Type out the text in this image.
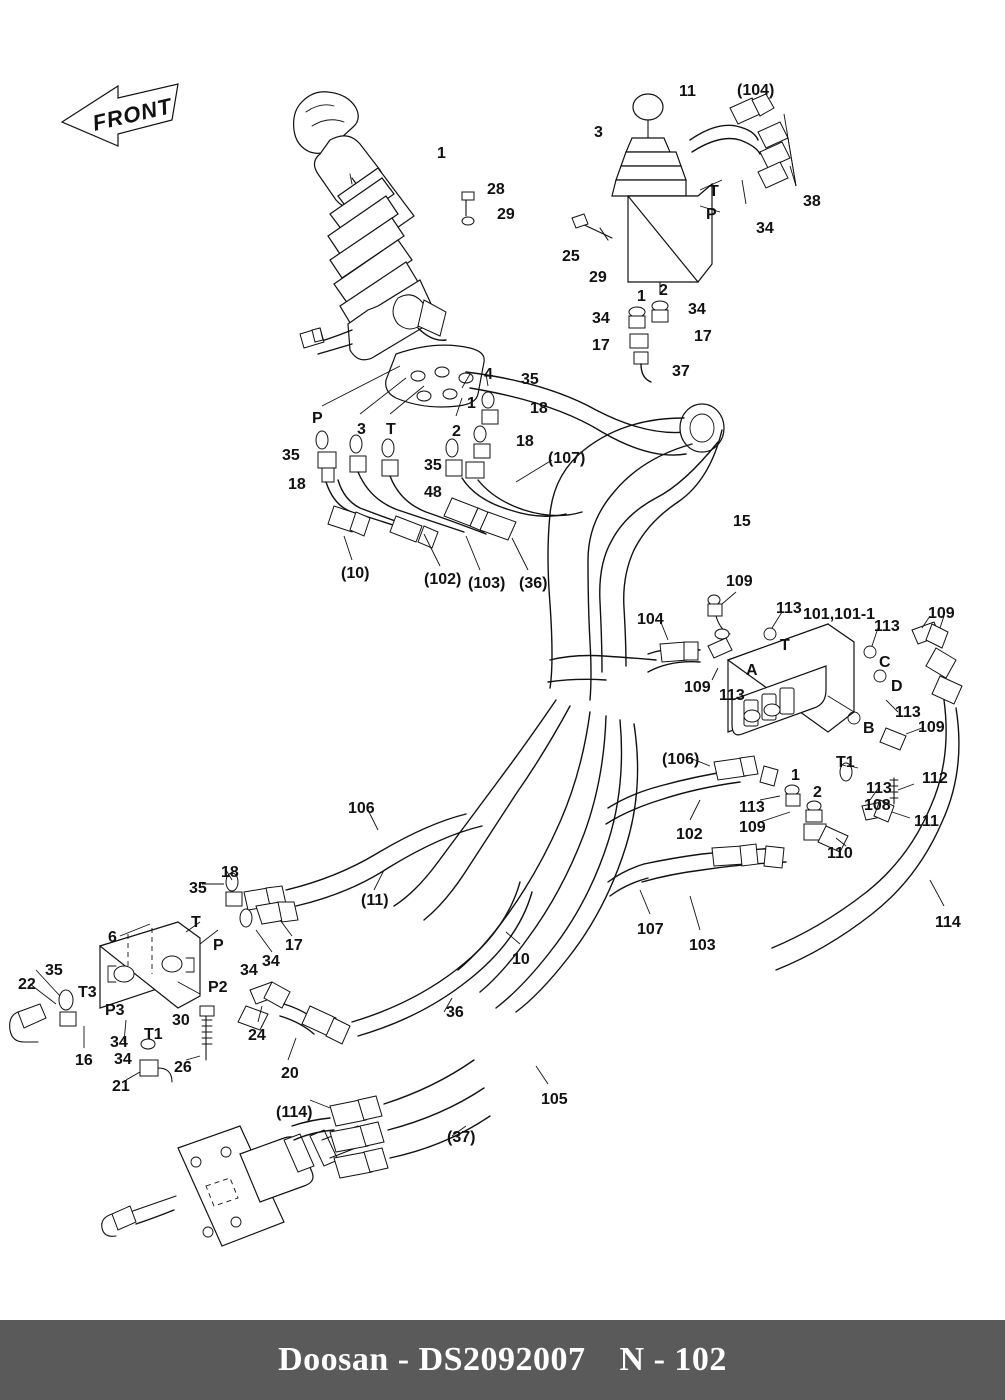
FRONT
1
28
29
11	(104)
3
T
P
38
34
25
29
1 2
34
34
17
17
37
4 35
1	18
P
3 T	2
18
35
35	(107)
18	48
(10)	(102) (103) (36)
15
109
113 101,101-1	109
104	113
T
C
A
D
109 113
B
113
109
(106)	T1
1
113
112
2
108
113
109	111
110
102
107
103
114
106
18
35
T
P	17
34
(11)
6
35
22	T3
P3
P2
34
T1
30
34
16 34	26
21
24
20
10
36
105
(114)
(37)
Doosan - DS2092007 N - 102
